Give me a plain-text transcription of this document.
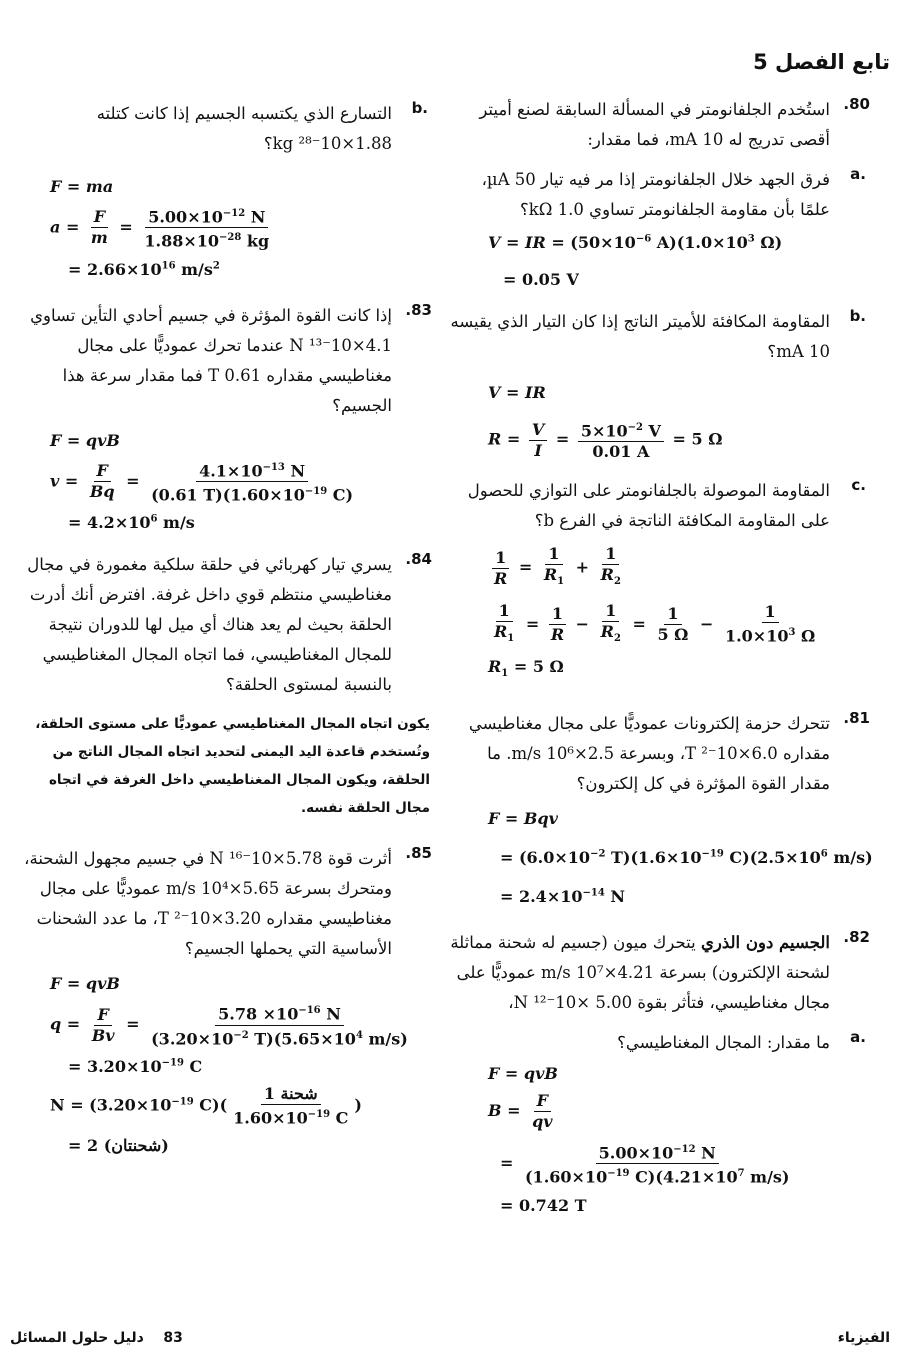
تابع الفصل 5
.80
استُخدم الجلفانومتر في المسألة السابقة لصنع أميتر أقصى تدريج له 10 mA، فما مقدار:
a.
فرق الجهد خلال الجلفانومتر إذا مر فيه تيار 50 µA، علمًا بأن مقاومة الجلفانومتر تساوي 1.0 kΩ؟
V = IR = ($50\times 10^{-6}$ $A)(1.0\times 10^3$ Ω)
= 0.05 V
b.
المقاومة المكافئة للأميتر الناتج إذا كان التيار الذي يقيسه 10 mA؟
V = IR
$R = \frac{V}{I} = \frac{5\times 10^{-2} V}{0.01 A} = 5$ Ω
c.
المقاومة الموصولة بالجلفانومتر على التوازي للحصول على المقاومة المكافئة الناتجة في الفرع b؟
$\frac{1}{R} = \frac{1}{R_1} + \frac{1}{R_2}$
$\frac{1}{R_1} = \frac{1}{R} - \frac{1}{R_2} = \frac{1}{5 \Omega} - \frac{1}{1.0\times 10^3 \Omega}$
$R_1 = 5$ Ω
.81
تتحرك حزمة إلكترونات عموديًّا على مجال مغناطيسي مقداره 6.0×10⁻² T، وبسرعة 2.5×10⁶ m/s. ما مقدار القوة المؤثرة في كل إلكترون؟
F = Bqv
= ($6.0\times 10^{-2}$ $T)(1.6\times 10^{-19}$ $C)(2.5\times 10^6$ m/s)
= $2.4\times 10^{-14}$ N
.82
الجسيم دون الذري يتحرك ميون (جسيم له شحنة مماثلة لشحنة الإلكترون) بسرعة 4.21×10⁷ m/s عموديًّا على مجال مغناطيسي، فتأثر بقوة 5.00 ×10⁻¹² N،
a.
ما مقدار: المجال المغناطيسي؟
F = qvB
$B = \frac{F}{qv}$
= $\frac{5.00\times 10^{-12} N}{(1.60\times 10^{-19} C)(4.21\times 10^7 m/s)}$
= 0.742 T
b.
التسارع الذي يكتسبه الجسيم إذا كانت كتلته 1.88×10⁻²⁸ kg؟
F = ma
$a = \frac{F}{m} = \frac{5.00\times 10^{-12} N}{1.88\times 10^{-28} kg}$
= $2.66\times 10^{16}$ $m/s^2$
.83
إذا كانت القوة المؤثرة في جسيم أحادي التأين تساوي 4.1×10⁻¹³ N عندما تحرك عموديًّا على مجال مغناطيسي مقداره 0.61 T فما مقدار سرعة هذا الجسيم؟
F = qvB
$v = \frac{F}{Bq} = \frac{4.1\times 10^{-13} N}{(0.61 T)(1.60\times 10^{-19} C)}$
= $4.2\times 10^6$ m/s
.84
يسري تيار كهربائي في حلقة سلكية مغمورة في مجال مغناطيسي منتظم قوي داخل غرفة. افترض أنك أدرت الحلقة بحيث لم يعد هناك أي ميل لها للدوران نتيجة للمجال المغناطيسي، فما اتجاه المجال المغناطيسي بالنسبة لمستوى الحلقة؟
يكون اتجاه المجال المغناطيسي عموديًّا على مستوى الحلقة، وتُستخدم قاعدة اليد اليمنى لتحديد اتجاه المجال الناتج من الحلقة، ويكون المجال المغناطيسي داخل الغرفة في اتجاه مجال الحلقة نفسه.
.85
أثرت قوة 5.78×10⁻¹⁶ N في جسيم مجهول الشحنة، ومتحرك بسرعة 5.65×10⁴ m/s عموديًّا على مجال مغناطيسي مقداره 3.20×10⁻² T، ما عدد الشحنات الأساسية التي يحملها الجسيم؟
F = qvB
$q = \frac{F}{Bv} = \frac{5.78 \times 10^{-16} N}{(3.20\times 10^{-2} T)(5.65\times 10^4 m/s)}$
= $3.20\times 10^{-19}$ C
$N = (3.20\times 10^{-19}$ $C)( \frac{\text{1 شحنة}}{1.60\times 10^{-19} C}$ )
= 2 (شحنتان)
83    دليل حلول المسائل	الفيزياء
